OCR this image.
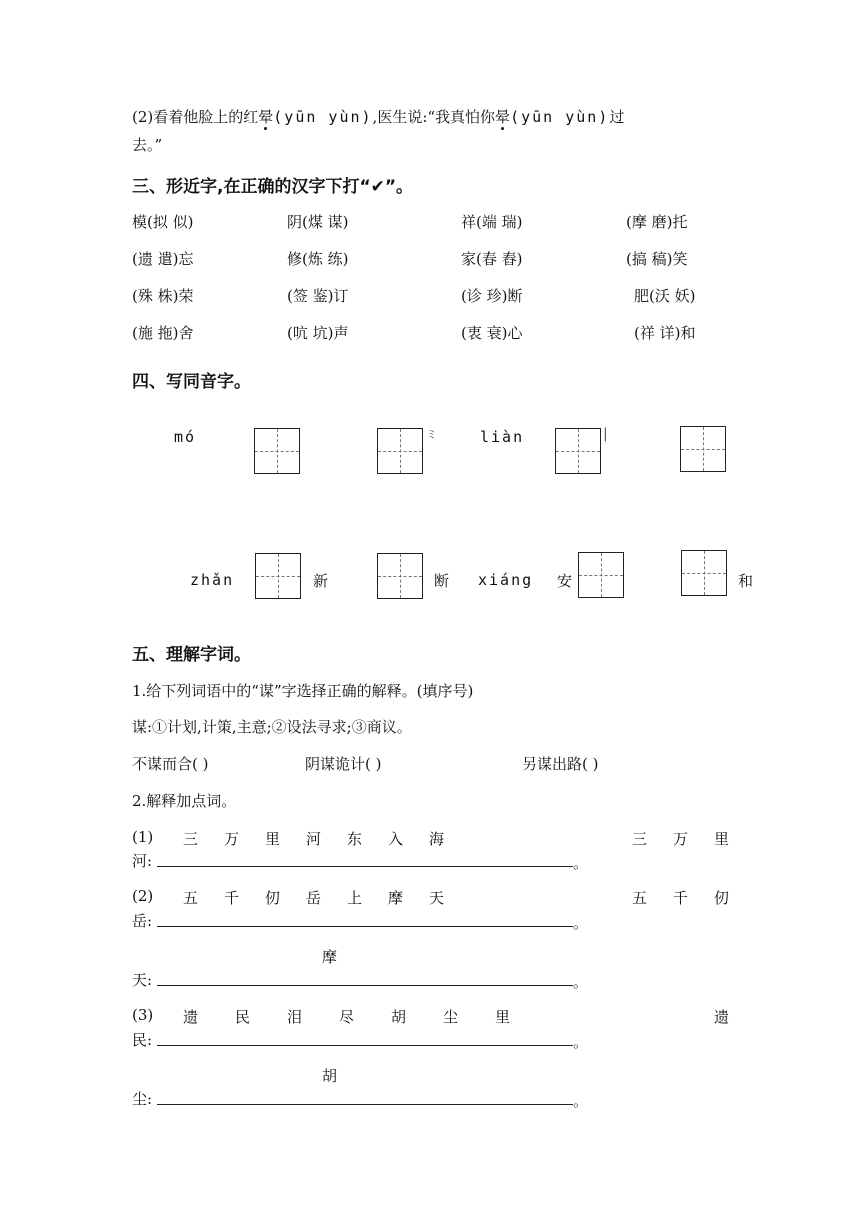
(2)看着他脸上的红晕(yūn yùn),医生说:“我真怕你晕(yūn yùn)过
去。”
三、形近字,在正确的汉字下打“✔”。
模(拟 似)	阴(煤 谋)	祥(端 瑞)	(摩 磨)托
(遗 遣)忘	修(炼 练)	家(春 舂)	(搞 稿)笑
(殊 株)荣	(签 鉴)订	(诊 珍)断	肥(沃 妖)
(施 拖)舍	(吭 坑)声	(衷 衰)心	(祥 详)和
四、写同音字。
mó	ミ	liàn	|
zhǎn	新	断 xiáng 安	和
五、理解字词。
1.给下列词语中的“谋”字选择正确的解释。(填序号)
谋:①计划,计策,主意;②设法寻求;③商议。
不谋而合( )	阴谋诡计( )	另谋出路( )
2.解释加点词。
(1) 三 万 里 河 东 入 海	三 万 里
河:	。
(2) 五 千 仞 岳 上 摩 天	五 千 仞
岳:	。
摩
天:	。
(3) 遗 民 泪 尽 胡 尘 里	遗
民:	。
胡
尘:	。
